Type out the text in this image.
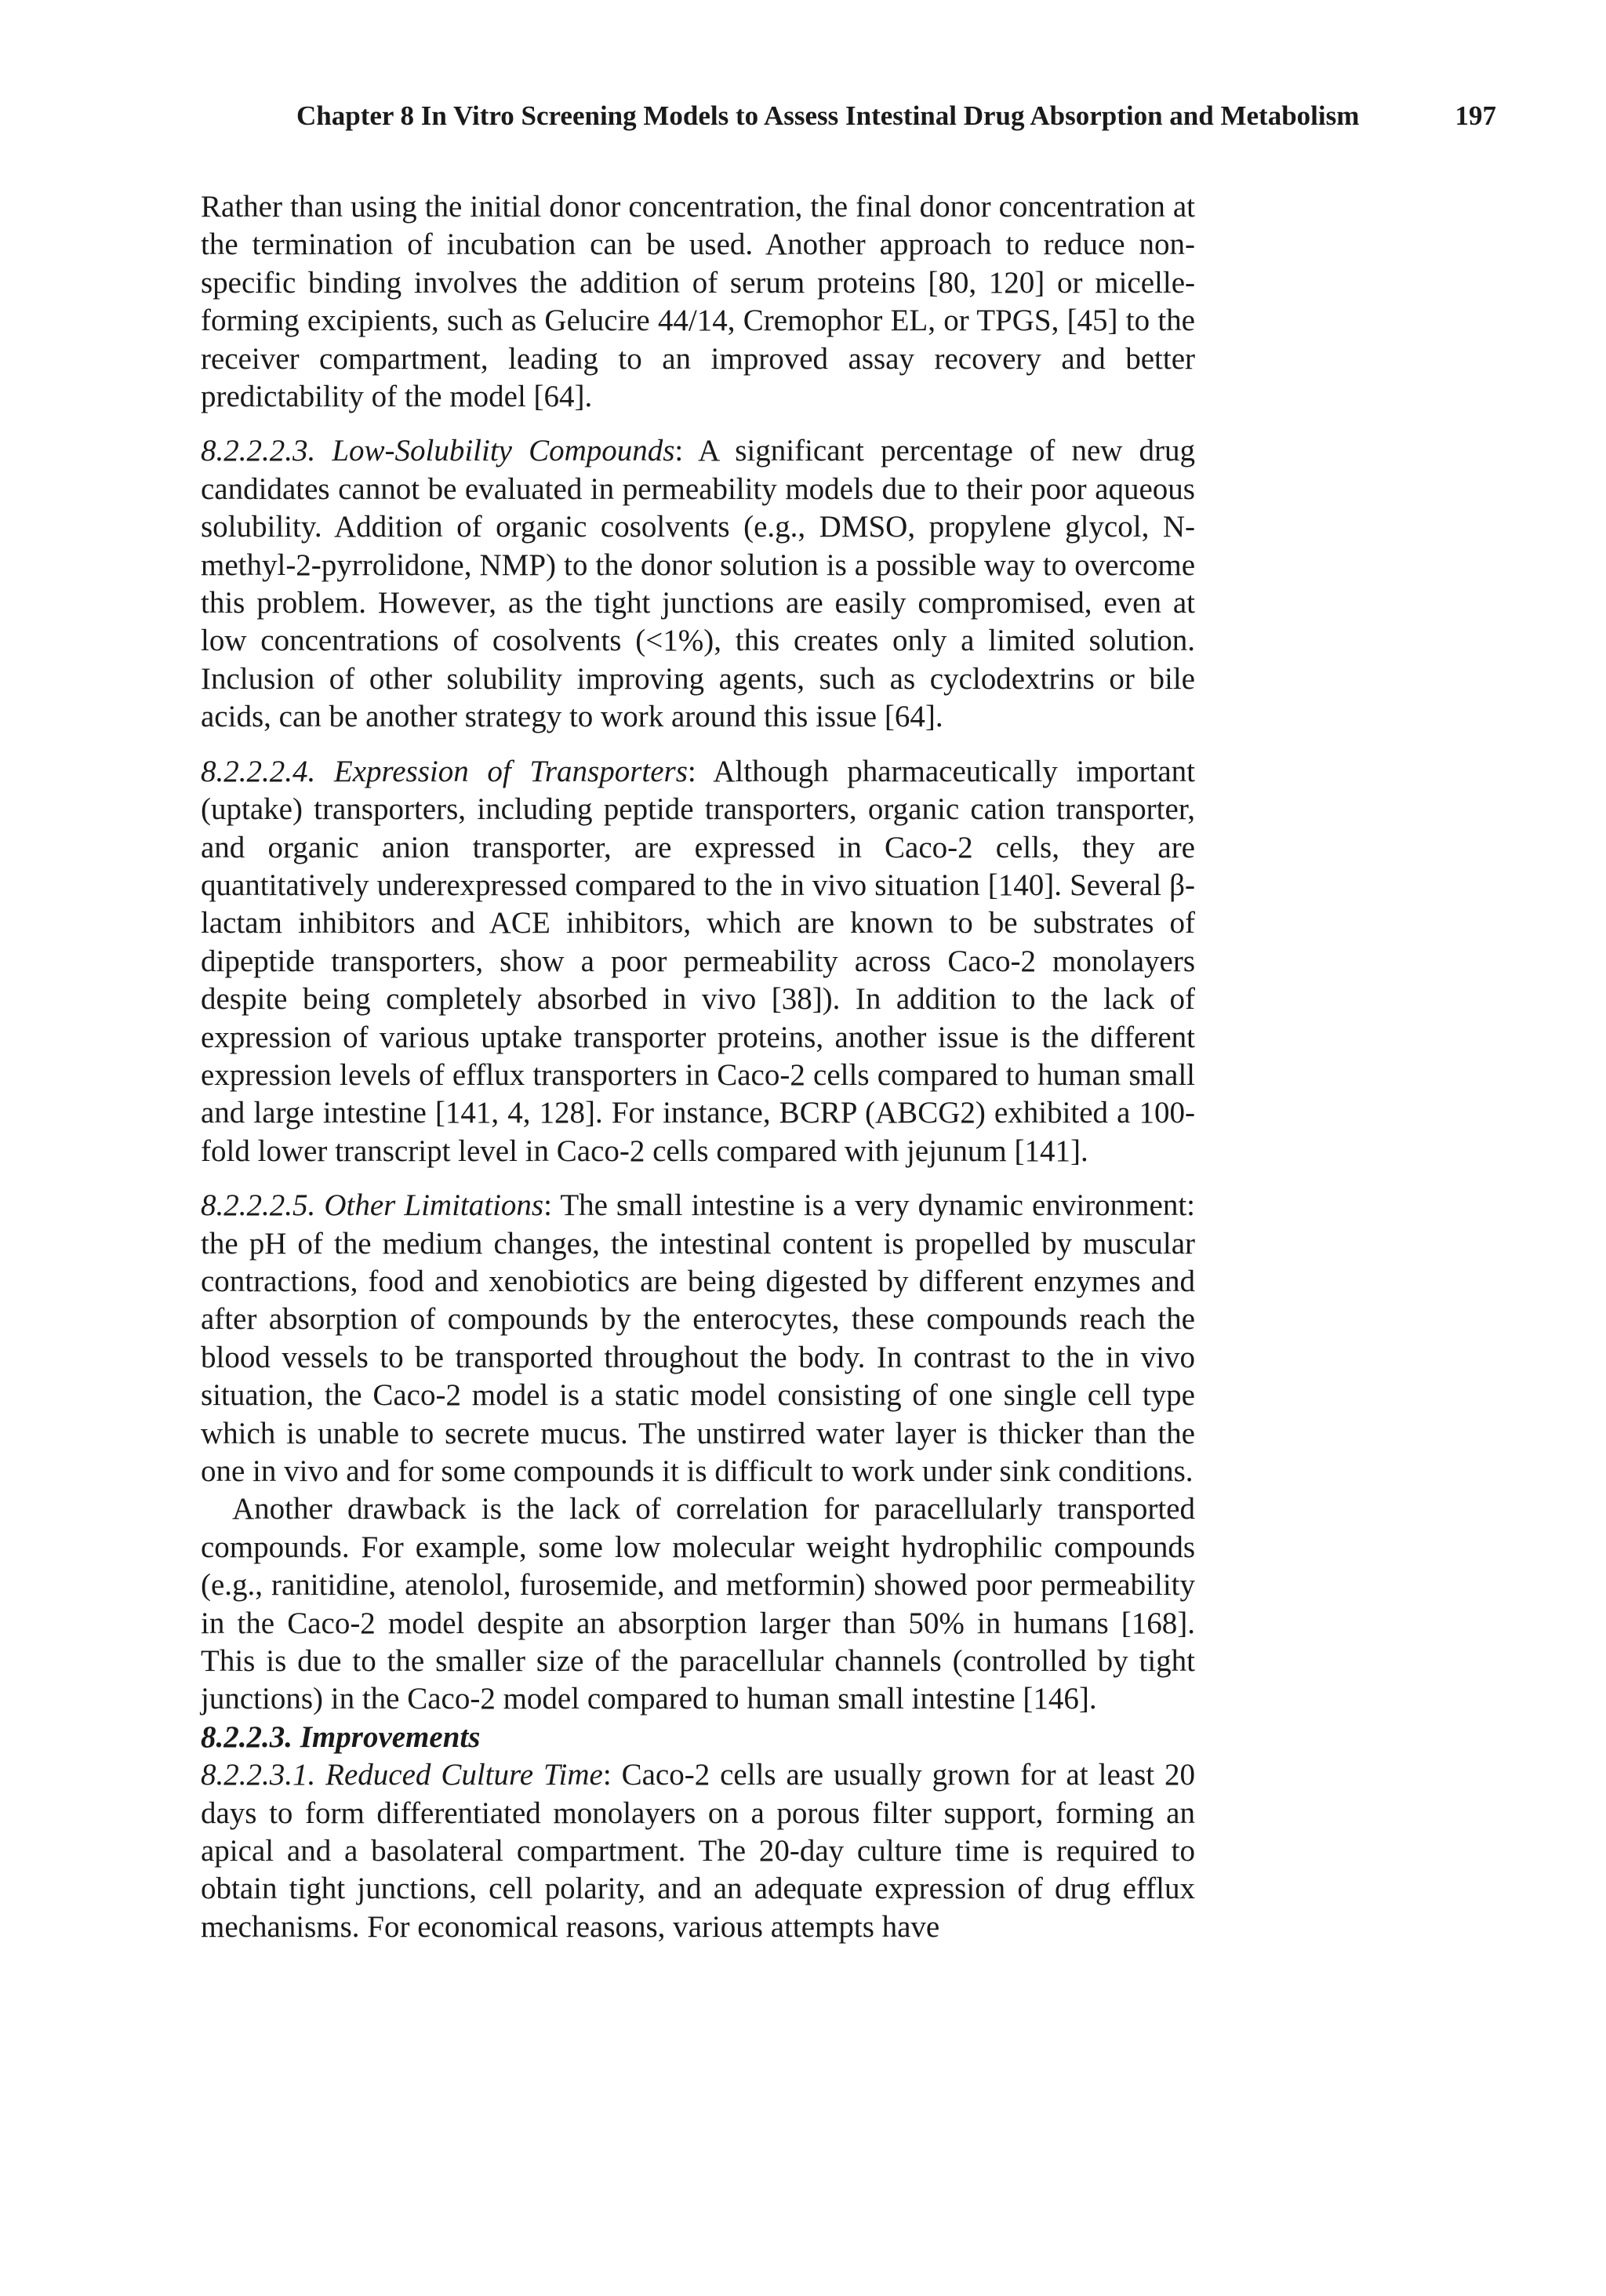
Chapter 8 In Vitro Screening Models to Assess Intestinal Drug Absorption and Metabolism	197

Rather than using the initial donor concentration, the final donor concentration at the termination of incubation can be used. Another approach to reduce non-specific binding involves the addition of serum proteins [80, 120] or micelle-forming excipients, such as Gelucire 44/14, Cremophor EL, or TPGS, [45] to the receiver compartment, leading to an improved assay recovery and better predictability of the model [64].

8.2.2.2.3. Low-Solubility Compounds: A significant percentage of new drug candidates cannot be evaluated in permeability models due to their poor aqueous solubility. Addition of organic cosolvents (e.g., DMSO, propylene glycol, N-methyl-2-pyrrolidone, NMP) to the donor solution is a possible way to overcome this problem. However, as the tight junctions are easily compromised, even at low concentrations of cosolvents (<1%), this creates only a limited solution. Inclusion of other solubility improving agents, such as cyclodextrins or bile acids, can be another strategy to work around this issue [64].

8.2.2.2.4. Expression of Transporters: Although pharmaceutically important (uptake) transporters, including peptide transporters, organic cation transporter, and organic anion transporter, are expressed in Caco-2 cells, they are quantitatively underexpressed compared to the in vivo situation [140]. Several β-lactam inhibitors and ACE inhibitors, which are known to be substrates of dipeptide transporters, show a poor permeability across Caco-2 monolayers despite being completely absorbed in vivo [38]). In addition to the lack of expression of various uptake transporter proteins, another issue is the different expression levels of efflux transporters in Caco-2 cells compared to human small and large intestine [141, 4, 128]. For instance, BCRP (ABCG2) exhibited a 100-fold lower transcript level in Caco-2 cells compared with jejunum [141].

8.2.2.2.5. Other Limitations: The small intestine is a very dynamic environment: the pH of the medium changes, the intestinal content is propelled by muscular contractions, food and xenobiotics are being digested by different enzymes and after absorption of compounds by the enterocytes, these compounds reach the blood vessels to be transported throughout the body. In contrast to the in vivo situation, the Caco-2 model is a static model consisting of one single cell type which is unable to secrete mucus. The unstirred water layer is thicker than the one in vivo and for some compounds it is difficult to work under sink conditions.

Another drawback is the lack of correlation for paracellularly transported compounds. For example, some low molecular weight hydrophilic compounds (e.g., ranitidine, atenolol, furosemide, and metformin) showed poor permeability in the Caco-2 model despite an absorption larger than 50% in humans [168]. This is due to the smaller size of the paracellular channels (controlled by tight junctions) in the Caco-2 model compared to human small intestine [146].

8.2.2.3. Improvements

8.2.2.3.1. Reduced Culture Time: Caco-2 cells are usually grown for at least 20 days to form differentiated monolayers on a porous filter support, forming an apical and a basolateral compartment. The 20-day culture time is required to obtain tight junctions, cell polarity, and an adequate expression of drug efflux mechanisms. For economical reasons, various attempts have
